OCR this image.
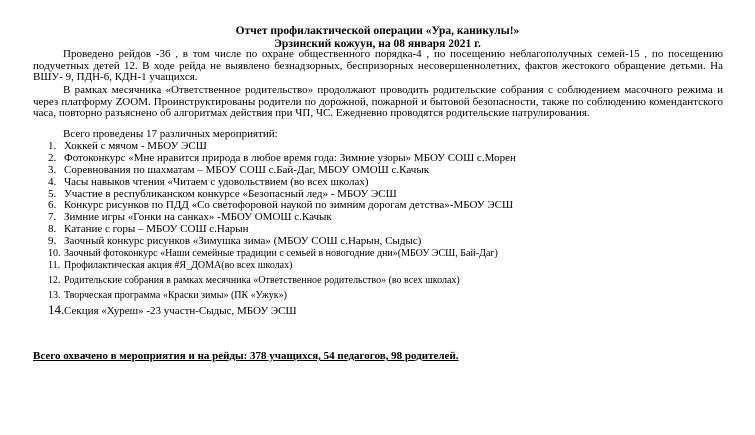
Отчет профилактической операции «Ура, каникулы!»
Эрзинский кожуун, на 08 января 2021 г.
Проведено рейдов -36 , в том числе по охране общественного порядка-4 , по посещению неблагополучных семей-15 , по посещению подучетных детей 12. В ходе рейда не выявлено безнадзорных, беспризорных несовершеннолетних, фактов жестокого обращение детьми. На ВШУ- 9, ПДН-6, КДН-1 учащихся.
В рамках месячника «Ответственное родительство» продолжают проводить родительские собрания с соблюдением масочного режима и через платформу ZOOM. Проинструктированы родители по дорожной, пожарной и бытовой безопасности, также по соблюдению комендантского часа, повторно разъяснено об алгоритмах действия при ЧП, ЧС. Ежедневно проводятся родительские патрулирования.
Всего проведены 17 различных мероприятий:
1. Хоккей с мячом - МБОУ ЭСШ
2. Фотоконкурс «Мне нравится природа в любое время года: Зимние узоры» МБОУ СОШ с.Морен
3. Соревнования по шахматам – МБОУ СОШ с.Бай-Даг, МБОУ ОМОШ с.Качык
4. Часы навыков чтения «Читаем с удовольствием (во всех школах)
5. Участие в республиканском конкурсе «Безопасный лед» - МБОУ ЭСШ
6. Конкурс рисунков по ПДД «Со светофоровой наукой по зимним дорогам детства»-МБОУ ЭСШ
7. Зимние игры «Гонки на санках» -МБОУ ОМОШ с.Качык
8. Катание с горы – МБОУ СОШ с.Нарын
9. Заочный конкурс рисунков «Зимушка зима» (МБОУ СОШ с.Нарын, Сыдыс)
10. Заочный фотоконкурс «Наши семейные традиции с семьей в новогодние дни»(МБОУ ЭСШ, Бай-Даг)
11. Профилактическая акция #Я_ДОМА(во всех школах)
12. Родительские собрания в рамках месячника «Ответственное родительство» (во всех школах)
13. Творческая программа «Краски зимы» (ПК «Ужук»)
14.Секция «Хуреш» -23 участн-Сыдыс, МБОУ ЭСШ
Всего охвачено в мероприятия и на рейды: 378 учащихся, 54 педагогов, 98 родителей.
